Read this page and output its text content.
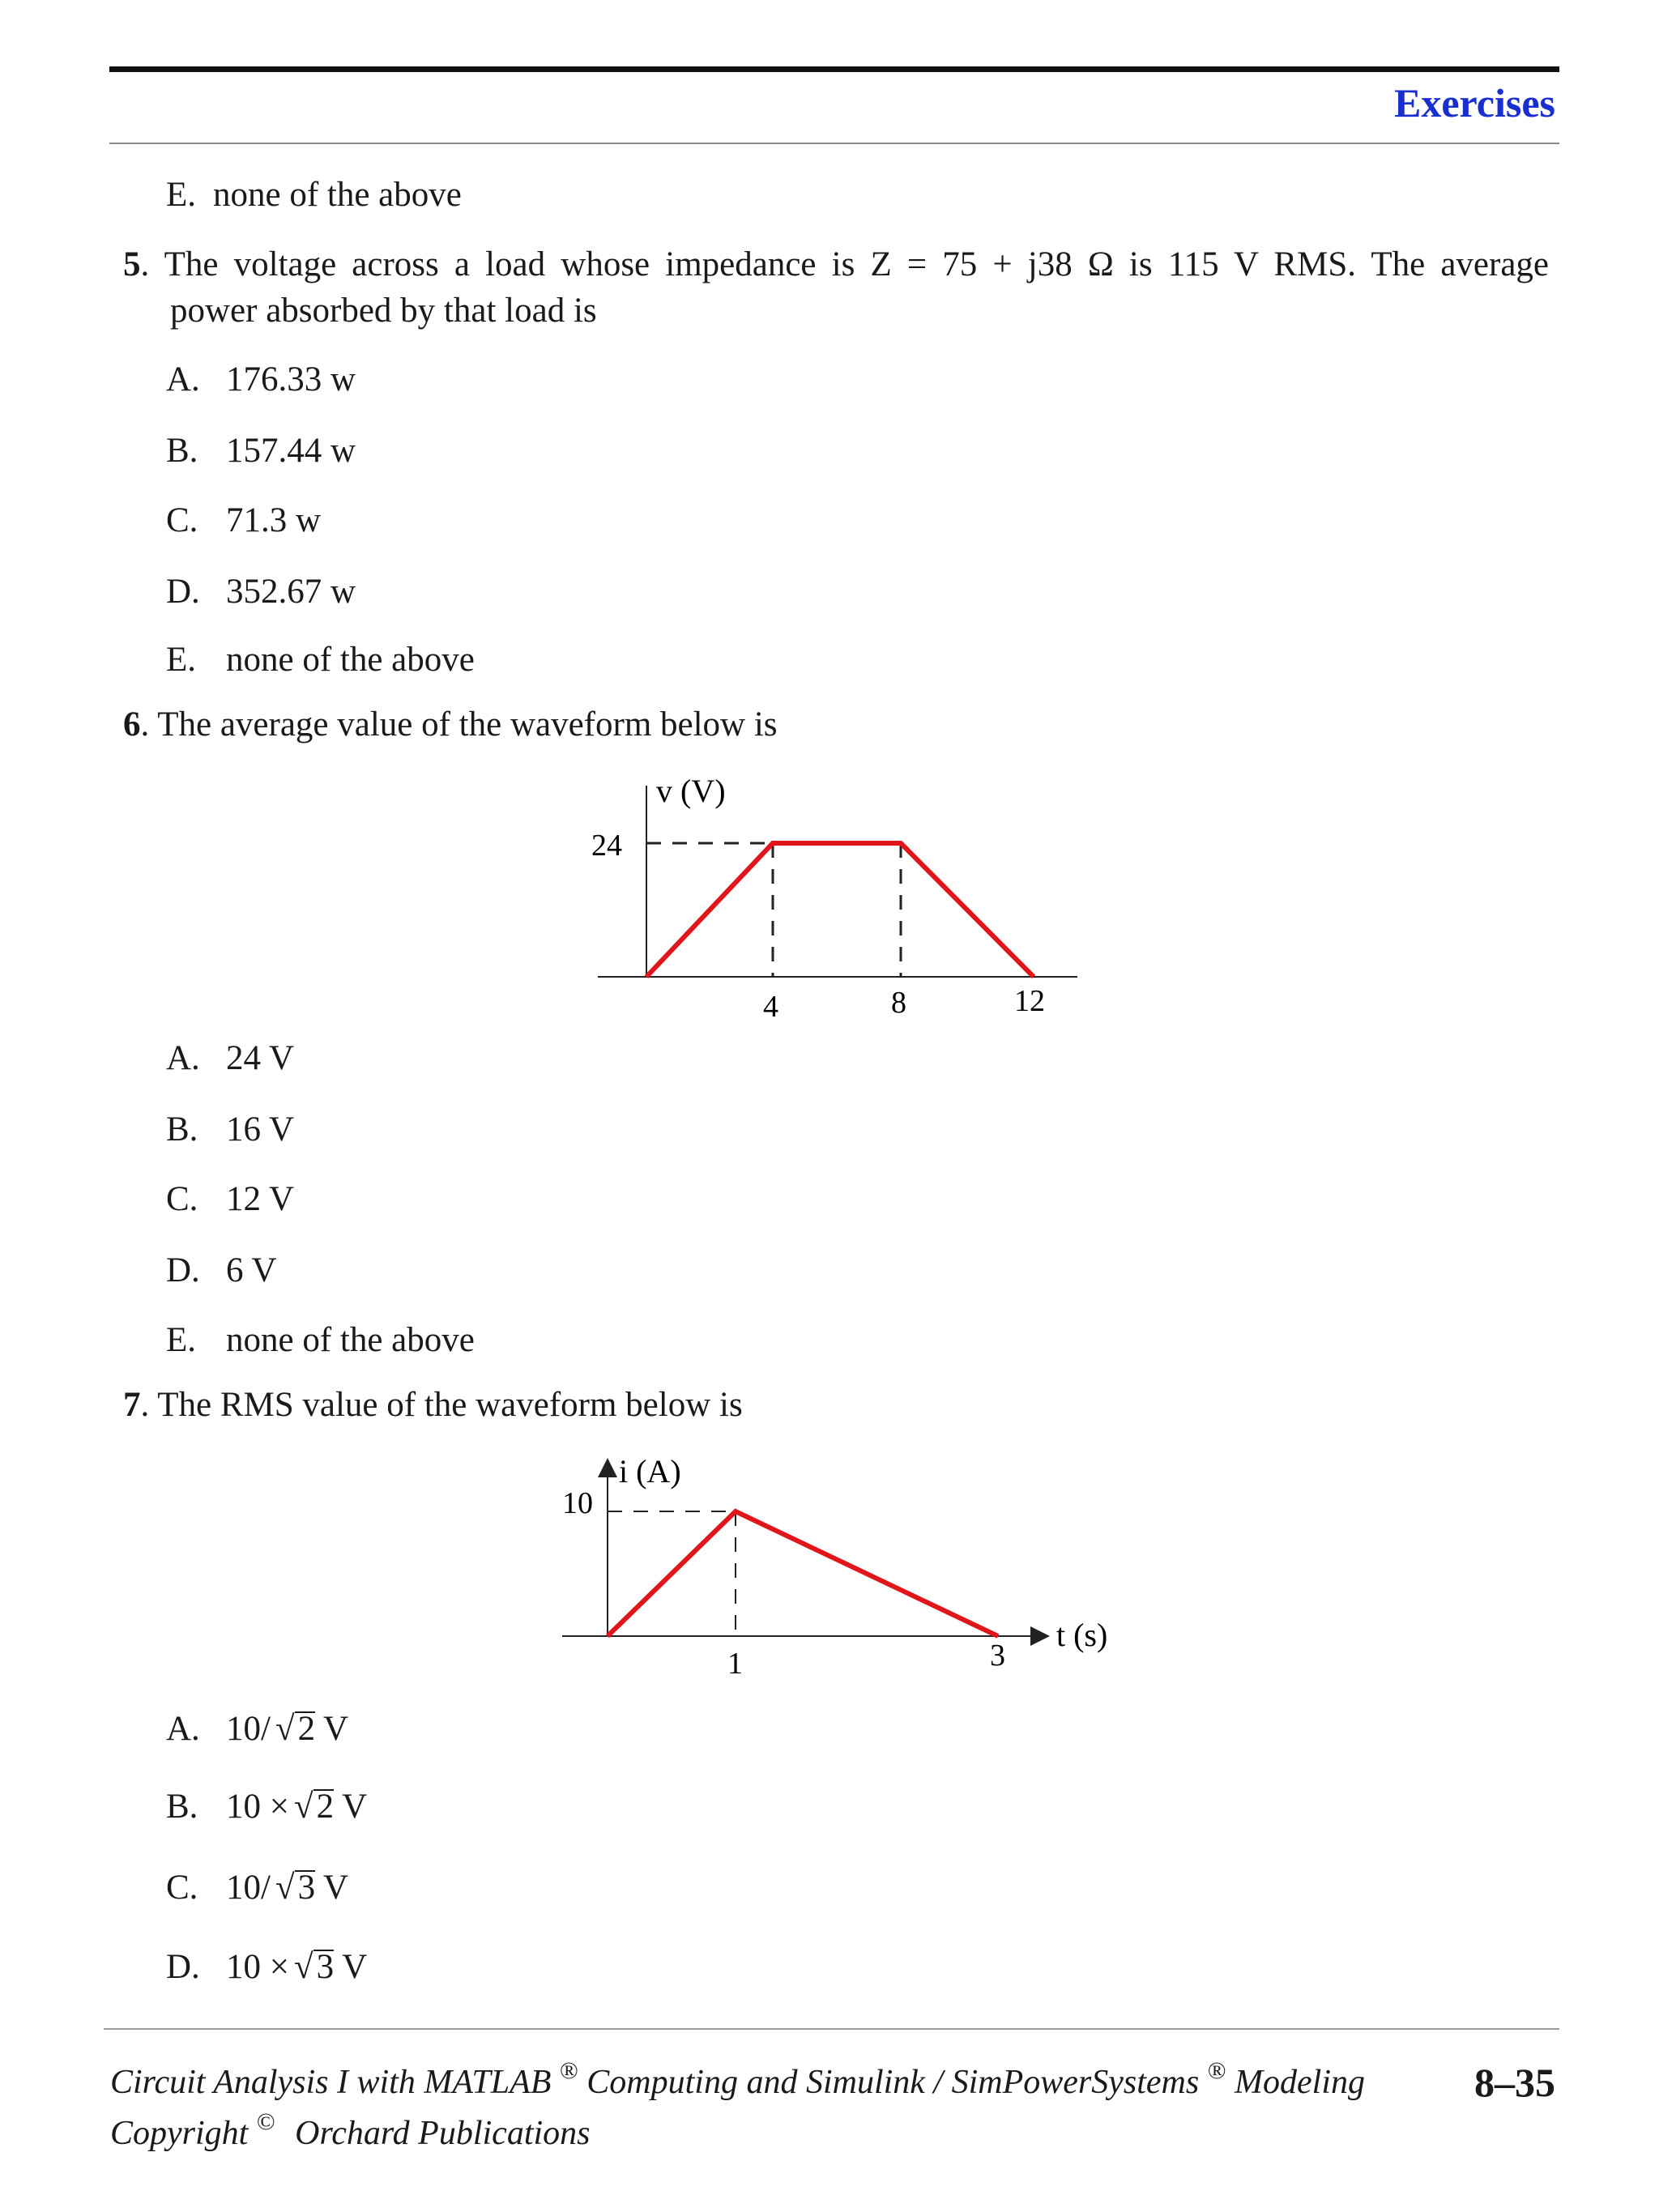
Exercises
E. none of the above
5. The voltage across a load whose impedance is Z = 75 + j38 Ω is 115 V RMS. The average
power absorbed by that load is
A. 176.33 w
B. 157.44 w
C. 71.3 w
D. 352.67 w
E. none of the above
6. The average value of the waveform below is
v (V)
24
4	8	12
A. 24 V
B. 16 V
C. 12 V
D. 6 V
E. none of the above
7. The RMS value of the waveform below is
i (A)
10
1	3
t (s)
A. 10/ √2 V
B. 10 × √2 V
C. 10/ √3 V
D. 10 × √3 V
Circuit Analysis I with MATLAB ® Computing and Simulink / SimPowerSystems ® Modeling
Copyright © Orchard Publications
8–35
